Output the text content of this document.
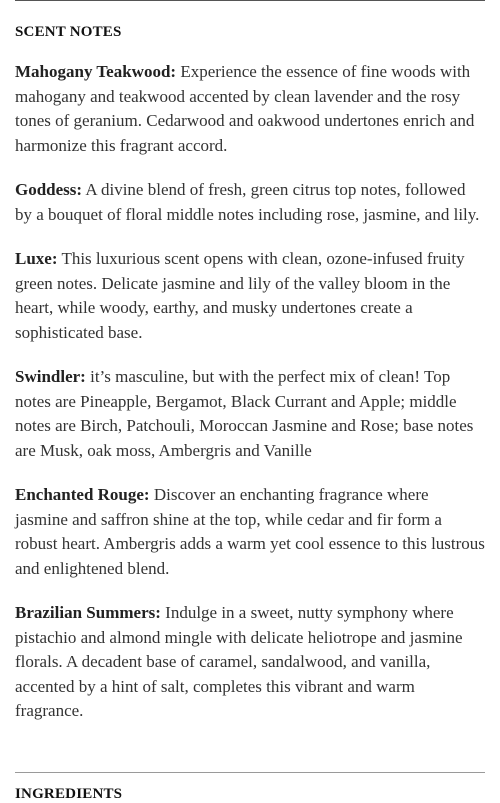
SCENT NOTES

Mahogany Teakwood: Experience the essence of fine woods with mahogany and teakwood accented by clean lavender and the rosy tones of geranium. Cedarwood and oakwood undertones enrich and harmonize this fragrant accord.

Goddess: A divine blend of fresh, green citrus top notes, followed by a bouquet of floral middle notes including rose, jasmine, and lily.

Luxe: This luxurious scent opens with clean, ozone-infused fruity green notes. Delicate jasmine and lily of the valley bloom in the heart, while woody, earthy, and musky undertones create a sophisticated base.

Swindler: it’s masculine, but with the perfect mix of clean! Top notes are Pineapple, Bergamot, Black Currant and Apple; middle notes are Birch, Patchouli, Moroccan Jasmine and Rose; base notes are Musk, oak moss, Ambergris and Vanille

Enchanted Rouge: Discover an enchanting fragrance where jasmine and saffron shine at the top, while cedar and fir form a robust heart. Ambergris adds a warm yet cool essence to this lustrous and enlightened blend.

Brazilian Summers: Indulge in a sweet, nutty symphony where pistachio and almond mingle with delicate heliotrope and jasmine florals. A decadent base of caramel, sandalwood, and vanilla, accented by a hint of salt, completes this vibrant and warm fragrance.

INGREDIENTS
